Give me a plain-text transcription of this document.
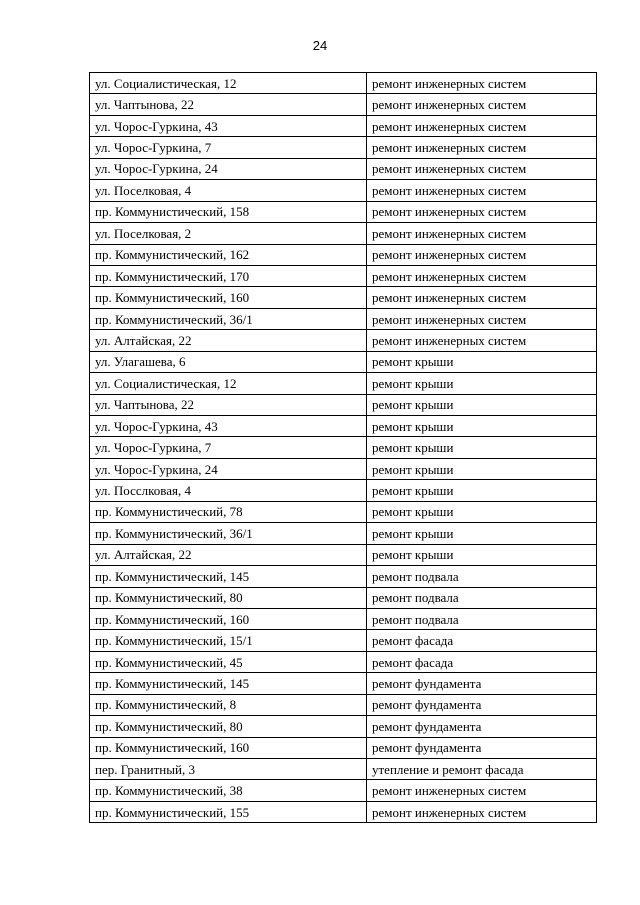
24
ул. Социалистическая, 12	ремонт инженерных систем
ул. Чаптынова, 22	ремонт инженерных систем
ул. Чорос-Гуркина, 43	ремонт инженерных систем
ул. Чорос-Гуркина, 7	ремонт инженерных систем
ул. Чорос-Гуркина, 24	ремонт инженерных систем
ул. Поселковая, 4	ремонт инженерных систем
пр. Коммунистический, 158	ремонт инженерных систем
ул. Поселковая, 2	ремонт инженерных систем
пр. Коммунистический, 162	ремонт инженерных систем
пр. Коммунистический, 170	ремонт инженерных систем
пр. Коммунистический, 160	ремонт инженерных систем
пр. Коммунистический, 36/1	ремонт инженерных систем
ул. Алтайская, 22	ремонт инженерных систем
ул. Улагашева, 6	ремонт крыши
ул. Социалистическая, 12	ремонт крыши
ул. Чаптынова, 22	ремонт крыши
ул. Чорос-Гуркина, 43	ремонт крыши
ул. Чорос-Гуркина, 7	ремонт крыши
ул. Чорос-Гуркина, 24	ремонт крыши
ул. Посслковая, 4	ремонт крыши
пр. Коммунистический, 78	ремонт крыши
пр. Коммунистический, 36/1	ремонт крыши
ул. Алтайская, 22	ремонт крыши
пр. Коммунистический, 145	ремонт подвала
пр. Коммунистический, 80	ремонт подвала
пр. Коммунистический, 160	ремонт подвала
пр. Коммунистический, 15/1	ремонт фасада
пр. Коммунистический, 45	ремонт фасада
пр. Коммунистический, 145	ремонт фундамента
пр. Коммунистический, 8	ремонт фундамента
пр. Коммунистический, 80	ремонт фундамента
пр. Коммунистический, 160	ремонт фундамента
пер. Гранитный, 3	утепление и ремонт фасада
пр. Коммунистический, 38	ремонт инженерных систем
пр. Коммунистический, 155	ремонт инженерных систем
